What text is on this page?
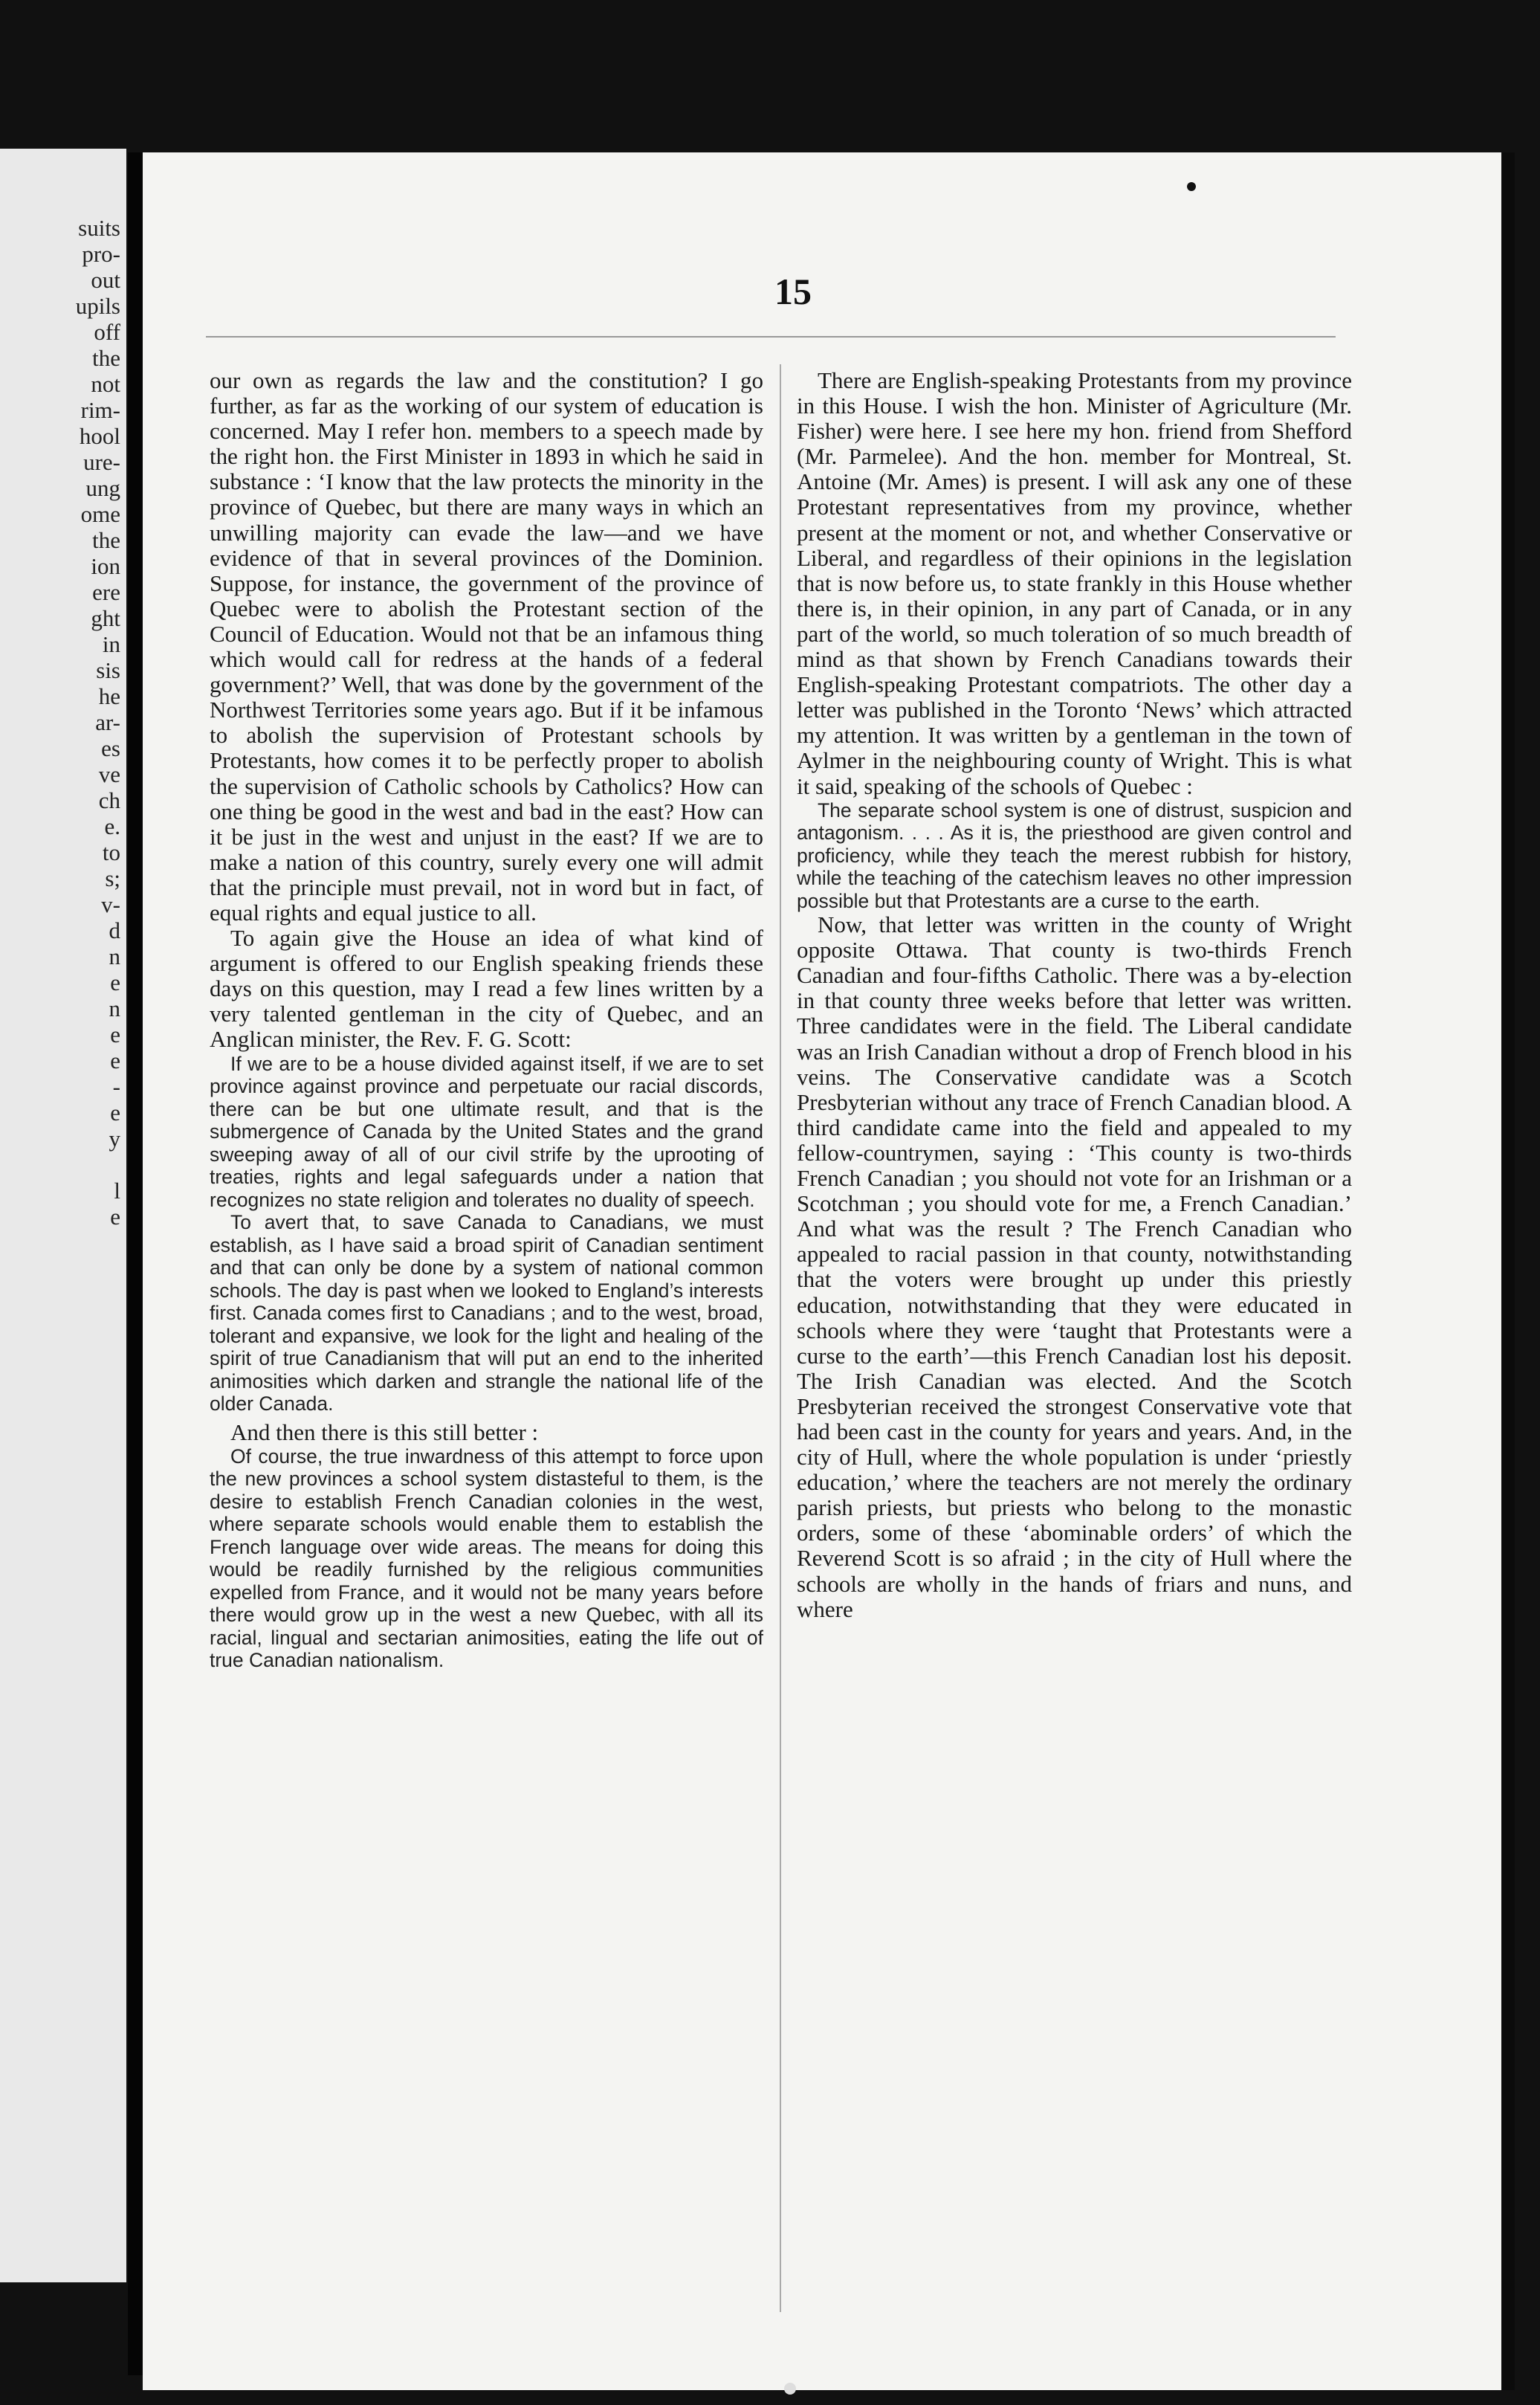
suits
pro-
out
upils
off
the
not
rim-
hool
ure-
ung
ome
the
ion
ere
ght
in
sis
he
ar-
es
ve
ch
e.
to
s;
v-
d
n
e
n
e
e
-
e
y
l
e
15

our own as regards the law and the constitution? I go further, as far as the working of our system of education is concerned. May I refer hon. members to a speech made by the right hon. the First Minister in 1893 in which he said in substance : ‘I know that the law protects the minority in the province of Quebec, but there are many ways in which an unwilling majority can evade the law—and we have evidence of that in several provinces of the Dominion. Suppose, for instance, the government of the province of Quebec were to abolish the Protestant section of the Council of Education. Would not that be an infamous thing which would call for redress at the hands of a federal government?’ Well, that was done by the government of the Northwest Territories some years ago. But if it be infamous to abolish the supervision of Protestant schools by Protestants, how comes it to be perfectly proper to abolish the supervision of Catholic schools by Catholics? How can one thing be good in the west and bad in the east? How can it be just in the west and unjust in the east? If we are to make a nation of this country, surely every one will admit that the principle must prevail, not in word but in fact, of equal rights and equal justice to all.

To again give the House an idea of what kind of argument is offered to our English speaking friends these days on this question, may I read a few lines written by a very talented gentleman in the city of Quebec, and an Anglican minister, the Rev. F. G. Scott:

If we are to be a house divided against itself, if we are to set province against province and perpetuate our racial discords, there can be but one ultimate result, and that is the submergence of Canada by the United States and the grand sweeping away of all of our civil strife by the uprooting of treaties, rights and legal safeguards under a nation that recognizes no state religion and tolerates no duality of speech.

To avert that, to save Canada to Canadians, we must establish, as I have said a broad spirit of Canadian sentiment and that can only be done by a system of national common schools. The day is past when we looked to England’s interests first. Canada comes first to Canadians ; and to the west, broad, tolerant and expansive, we look for the light and healing of the spirit of true Canadianism that will put an end to the inherited animosities which darken and strangle the national life of the older Canada.

And then there is this still better :

Of course, the true inwardness of this attempt to force upon the new provinces a school system distasteful to them, is the desire to establish French Canadian colonies in the west, where separate schools would enable them to establish the French language over wide areas. The means for doing this would be readily furnished by the religious communities expelled from France, and it would not be many years before there would grow up in the west a new Quebec, with all its racial, lingual and sectarian animosities, eating the life out of true Canadian nationalism.

There are English-speaking Protestants from my province in this House. I wish the hon. Minister of Agriculture (Mr. Fisher) were here. I see here my hon. friend from Shefford (Mr. Parmelee). And the hon. member for Montreal, St. Antoine (Mr. Ames) is present. I will ask any one of these Protestant representatives from my province, whether present at the moment or not, and whether Conservative or Liberal, and regardless of their opinions in the legislation that is now before us, to state frankly in this House whether there is, in their opinion, in any part of Canada, or in any part of the world, so much toleration of so much breadth of mind as that shown by French Canadians towards their English-speaking Protestant compatriots. The other day a letter was published in the Toronto ‘News’ which attracted my attention. It was written by a gentleman in the town of Aylmer in the neighbouring county of Wright. This is what it said, speaking of the schools of Quebec :

The separate school system is one of distrust, suspicion and antagonism. . . . As it is, the priesthood are given control and proficiency, while they teach the merest rubbish for history, while the teaching of the catechism leaves no other impression possible but that Protestants are a curse to the earth.

Now, that letter was written in the county of Wright opposite Ottawa. That county is two-thirds French Canadian and four-fifths Catholic. There was a by-election in that county three weeks before that letter was written. Three candidates were in the field. The Liberal candidate was an Irish Canadian without a drop of French blood in his veins. The Conservative candidate was a Scotch Presbyterian without any trace of French Canadian blood. A third candidate came into the field and appealed to my fellow-countrymen, saying : ‘This county is two-thirds French Canadian ; you should not vote for an Irishman or a Scotchman ; you should vote for me, a French Canadian.’ And what was the result ? The French Canadian who appealed to racial passion in that county, notwithstanding that the voters were brought up under this priestly education, notwithstanding that they were educated in schools where they were ‘taught that Protestants were a curse to the earth’—this French Canadian lost his deposit. The Irish Canadian was elected. And the Scotch Presbyterian received the strongest Conservative vote that had been cast in the county for years and years. And, in the city of Hull, where the whole population is under ‘priestly education,’ where the teachers are not merely the ordinary parish priests, but priests who belong to the monastic orders, some of these ‘abominable orders’ of which the Reverend Scott is so afraid ; in the city of Hull where the schools are wholly in the hands of friars and nuns, and where
